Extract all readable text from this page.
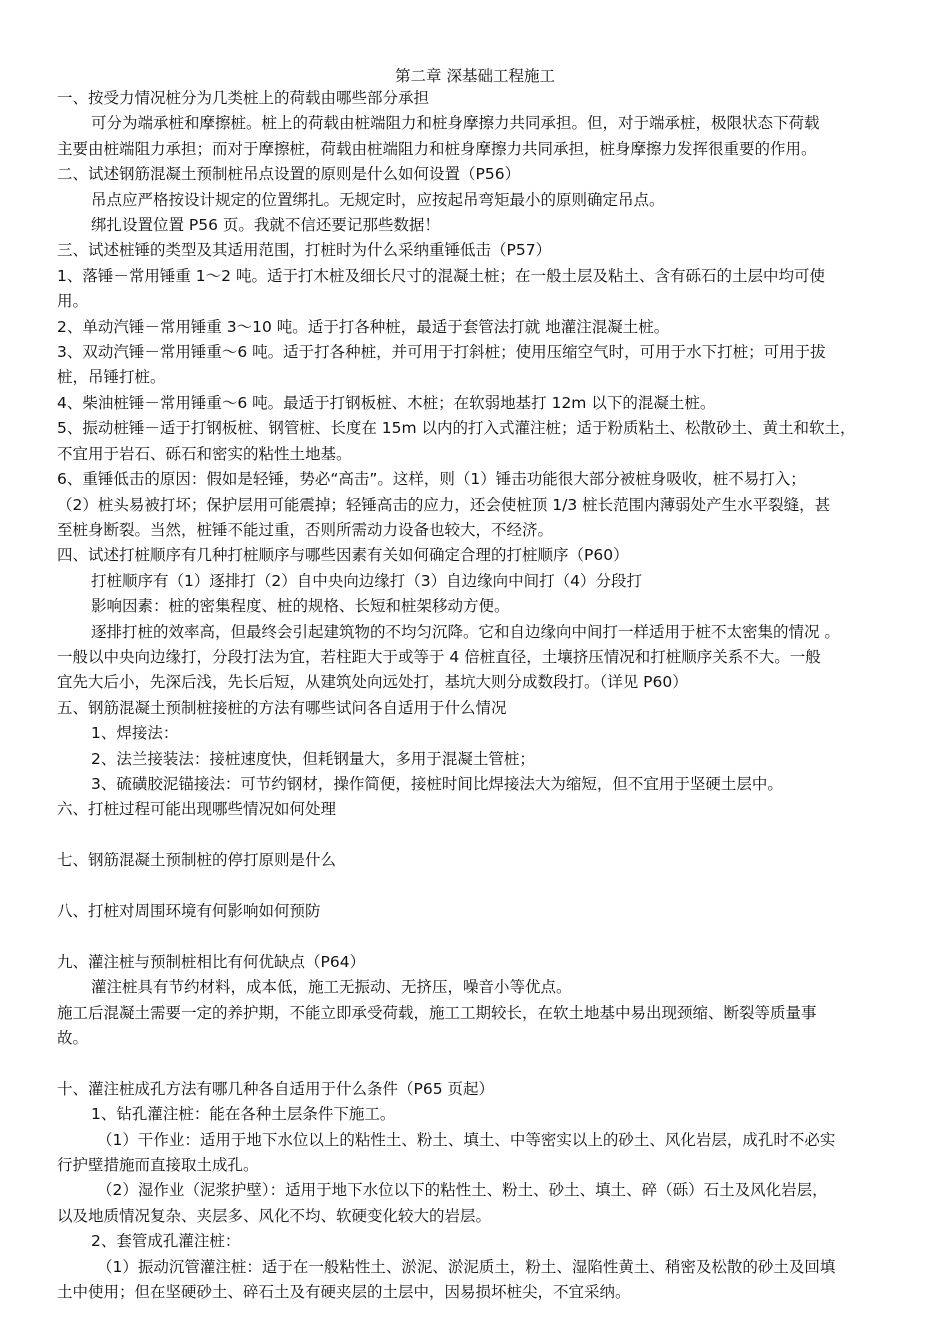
第二章 深基础工程施工
一、按受力情况桩分为几类桩上的荷载由哪些部分承担
可分为端承桩和摩擦桩。桩上的荷载由桩端阻力和桩身摩擦力共同承担。但，对于端承桩，极限状态下荷载
主要由桩端阻力承担；而对于摩擦桩，荷载由桩端阻力和桩身摩擦力共同承担，桩身摩擦力发挥很重要的作用。
二、试述钢筋混凝土预制桩吊点设置的原则是什么如何设置（P56）
吊点应严格按设计规定的位置绑扎。无规定时，应按起吊弯矩最小的原则确定吊点。
绑扎设置位置 P56 页。我就不信还要记那些数据！
三、试述桩锤的类型及其适用范围，打桩时为什么采纳重锤低击（P57）
1、落锤－常用锤重 1～2 吨。适于打木桩及细长尺寸的混凝土桩；在一般土层及粘土、含有砾石的土层中均可使
用。
2、单动汽锤－常用锤重 3～10 吨。适于打各种桩，最适于套管法打就 地灌注混凝土桩。
3、双动汽锤－常用锤重～6 吨。适于打各种桩，并可用于打斜桩；使用压缩空气时，可用于水下打桩；可用于拔
桩，吊锤打桩。
4、柴油桩锤－常用锤重～6 吨。最适于打钢板桩、木桩；在软弱地基打 12m 以下的混凝土桩。
5、振动桩锤－适于打钢板桩、钢管桩、长度在 15m 以内的打入式灌注桩；适于粉质粘土、松散砂土、黄土和软土，
不宜用于岩石、砾石和密实的粘性土地基。
6、重锤低击的原因：假如是轻锤，势必“高击”。这样，则（1）锤击功能很大部分被桩身吸收，桩不易打入；
（2）桩头易被打坏；保护层用可能震掉；轻锤高击的应力，还会使桩顶 1/3 桩长范围内薄弱处产生水平裂缝，甚
至桩身断裂。当然，桩锤不能过重，否则所需动力设备也较大，不经济。
四、试述打桩顺序有几种打桩顺序与哪些因素有关如何确定合理的打桩顺序（P60）
打桩顺序有（1）逐排打（2）自中央向边缘打（3）自边缘向中间打（4）分段打
影响因素：桩的密集程度、桩的规格、长短和桩架移动方便。
逐排打桩的效率高，但最终会引起建筑物的不均匀沉降。它和自边缘向中间打一样适用于桩不太密集的情况 。
一般以中央向边缘打，分段打法为宜，若柱距大于或等于 4 倍桩直径，土壤挤压情况和打桩顺序关系不大。一般
宜先大后小，先深后浅，先长后短，从建筑处向远处打，基坑大则分成数段打。（详见 P60）
五、钢筋混凝土预制桩接桩的方法有哪些试问各自适用于什么情况
1、焊接法：
2、法兰接装法：接桩速度快，但耗钢量大，多用于混凝土管桩；
3、硫磺胶泥锚接法：可节约钢材，操作简便，接桩时间比焊接法大为缩短，但不宜用于坚硬土层中。
六、打桩过程可能出现哪些情况如何处理
七、钢筋混凝土预制桩的停打原则是什么
八、打桩对周围环境有何影响如何预防
九、灌注桩与预制桩相比有何优缺点（P64）
灌注桩具有节约材料，成本低，施工无振动、无挤压，噪音小等优点。
施工后混凝土需要一定的养护期，不能立即承受荷载，施工工期较长，在软土地基中易出现颈缩、断裂等质量事
故。
十、灌注桩成孔方法有哪几种各自适用于什么条件（P65 页起）
1、钻孔灌注桩：能在各种土层条件下施工。
（1）干作业：适用于地下水位以上的粘性土、粉土、填土、中等密实以上的砂土、风化岩层，成孔时不必实
行护壁措施而直接取土成孔。
（2）湿作业（泥浆护壁）：适用于地下水位以下的粘性土、粉土、砂土、填土、碎（砾）石土及风化岩层，
以及地质情况复杂、夹层多、风化不均、软硬变化较大的岩层。
2、套管成孔灌注桩：
（1）振动沉管灌注桩：适于在一般粘性土、淤泥、淤泥质土，粉土、湿陷性黄土、稍密及松散的砂土及回填
土中使用；但在坚硬砂土、碎石土及有硬夹层的土层中，因易损坏桩尖，不宜采纳。
